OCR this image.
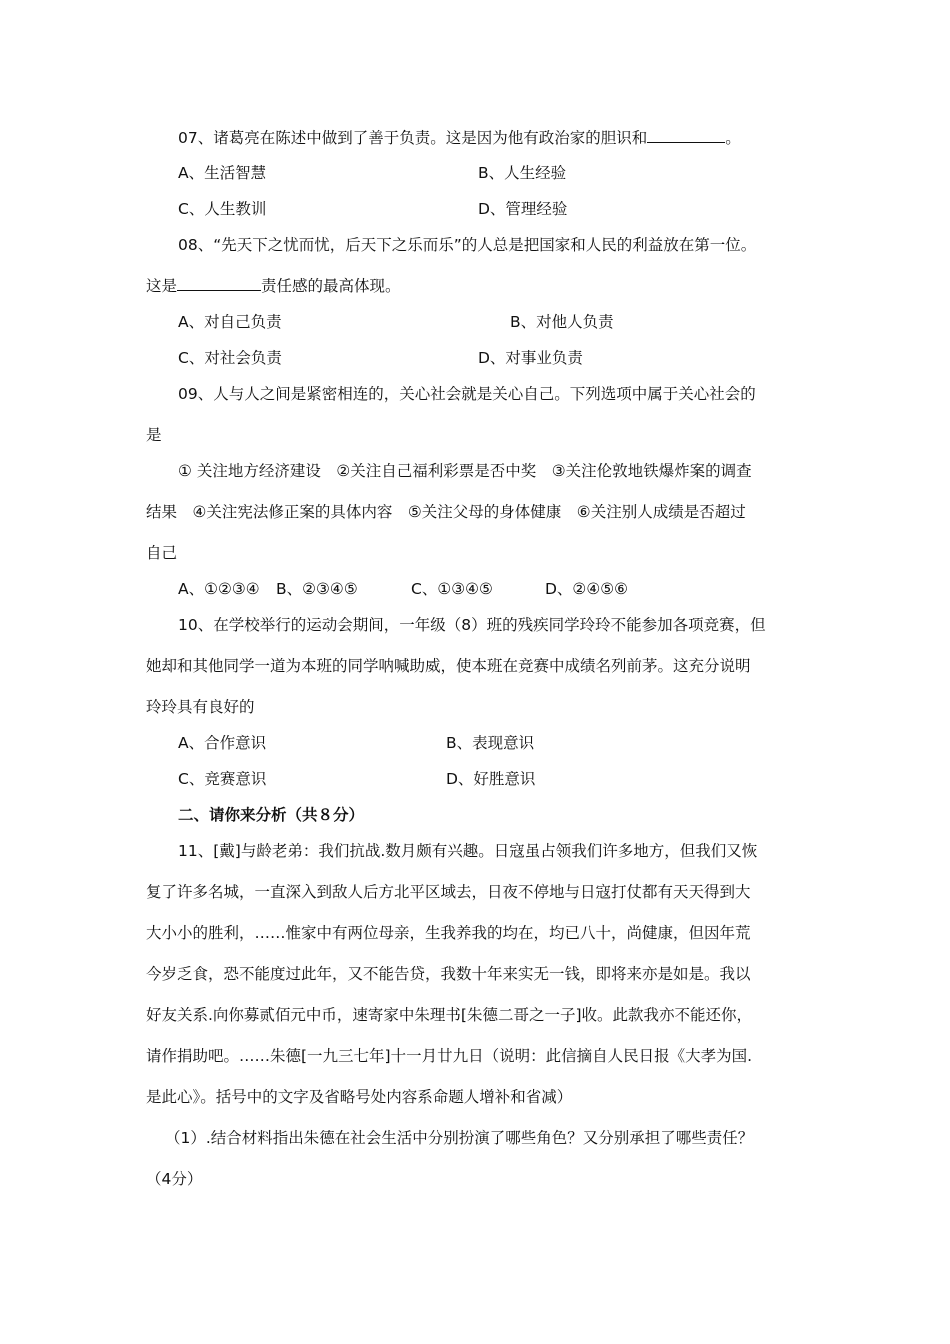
07、诸葛亮在陈述中做到了善于负责。这是因为他有政治家的胆识和	。
A、生活智慧	B、人生经验
C、人生教训	D、管理经验
08、“先天下之忧而忧，后天下之乐而乐”的人总是把国家和人民的利益放在第一位。
这是	责任感的最高体现。
A、对自己负责	B、对他人负责
C、对社会负责	D、对事业负责
09、人与人之间是紧密相连的，关心社会就是关心自己。下列选项中属于关心社会的
是
① 关注地方经济建设　②关注自己福利彩票是否中奖　③关注伦敦地铁爆炸案的调查
结果　④关注宪法修正案的具体内容　⑤关注父母的身体健康　⑥关注别人成绩是否超过
自己
A、①②③④ B、②③④⑤	C、①③④⑤	D、②④⑤⑥
10、在学校举行的运动会期间，一年级（8）班的残疾同学玲玲不能参加各项竞赛，但
她却和其他同学一道为本班的同学呐喊助威，使本班在竞赛中成绩名列前茅。这充分说明
玲玲具有良好的
A、合作意识	B、表现意识
C、竞赛意识	D、好胜意识
二、请你来分析（共８分）
11、[戴]与龄老弟：我们抗战.数月颇有兴趣。日寇虽占领我们许多地方，但我们又恢
复了许多名城，一直深入到敌人后方北平区域去，日夜不停地与日寇打仗都有天天得到大
大小小的胜利，……惟家中有两位母亲，生我养我的均在，均已八十，尚健康，但因年荒
今岁乏食，恐不能度过此年，又不能告贷，我数十年来实无一钱，即将来亦是如是。我以
好友关系.向你募贰佰元中币，速寄家中朱理书[朱德二哥之一子]收。此款我亦不能还你，
请作捐助吧。……朱德[一九三七年]十一月廿九日（说明：此信摘自人民日报《大孝为国.
是此心》。括号中的文字及省略号处内容系命题人增补和省减）
（1）.结合材料指出朱德在社会生活中分别扮演了哪些角色？又分别承担了哪些责任？
（4分）
